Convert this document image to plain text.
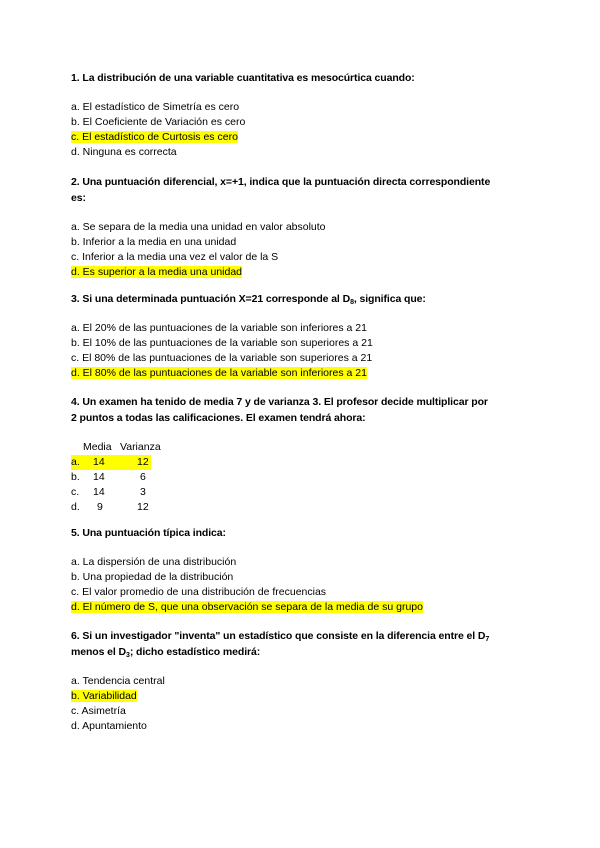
1. La distribución de una variable cuantitativa es mesocúrtica cuando:

a. El estadístico de Simetría es cero
b. El Coeficiente de Variación es cero
c. El estadístico de Curtosis es cero
d. Ninguna es correcta

2. Una puntuación diferencial, x=+1, indica que la puntuación directa correspondiente
es:

a. Se separa de la media una unidad en valor absoluto
b. Inferior a la media en una unidad
c. Inferior a la media una vez el valor de la S
d. Es superior a la media una unidad

3. Si una determinada puntuación X=21 corresponde al $D_8$, significa que:

a. El 20% de las puntuaciones de la variable son inferiores a 21
b. El 10% de las puntuaciones de la variable son superiores a 21
c. El 80% de las puntuaciones de la variable son superiores a 21
d. El 80% de las puntuaciones de la variable son inferiores a 21

4. Un examen ha tenido de media 7 y de varianza 3. El profesor decide multiplicar por
2 puntos a todas las calificaciones. El examen tendrá ahora:

Media Varianza
a. 14	12
b. 14	6
c. 14	3
d. 9	12

5. Una puntuación típica indica:

a. La dispersión de una distribución
b. Una propiedad de la distribución
c. El valor promedio de una distribución de frecuencias
d. El número de S, que una observación se separa de la media de su grupo

6. Si un investigador "inventa" un estadístico que consiste en la diferencia entre el $D_7$
menos el $D_3$; dicho estadístico medirá:

a. Tendencia central
b. Variabilidad
c. Asimetría
d. Apuntamiento
